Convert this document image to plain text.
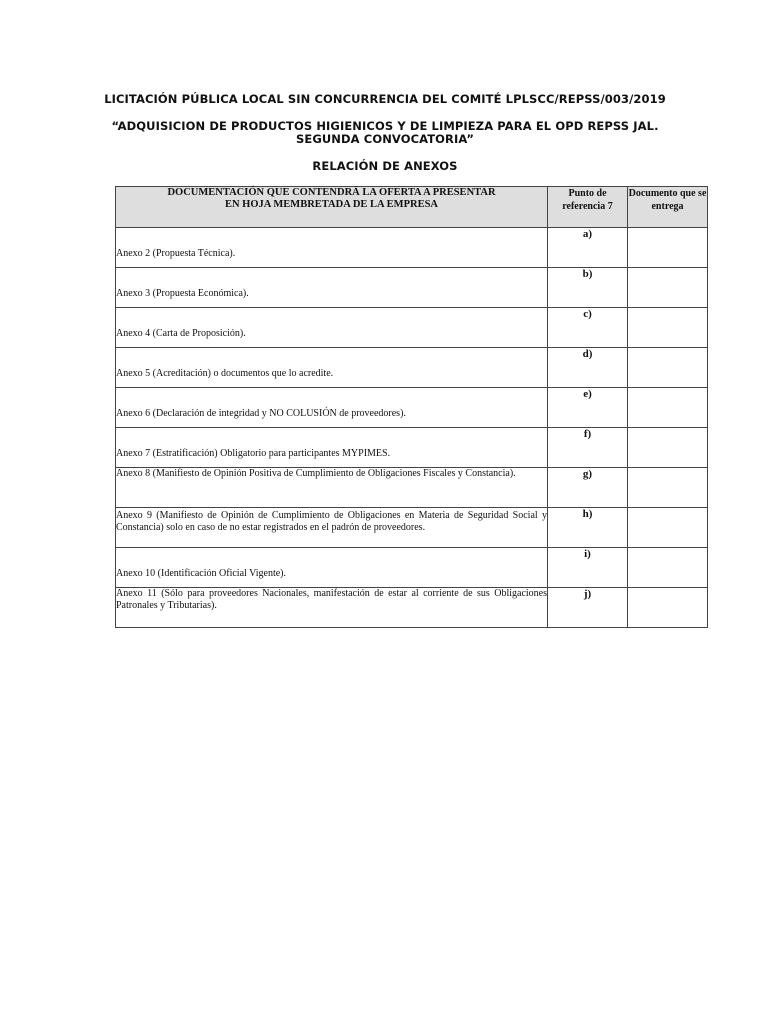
LICITACIÓN PÚBLICA LOCAL SIN CONCURRENCIA DEL COMITÉ LPLSCC/REPSS/003/2019
“ADQUISICION DE PRODUCTOS HIGIENICOS Y DE LIMPIEZA PARA EL OPD REPSS JAL.
SEGUNDA CONVOCATORIA”
RELACIÓN DE ANEXOS
DOCUMENTACIÓN QUE CONTENDRÁ LA OFERTA A PRESENTAR
EN HOJA MEMBRETADA DE LA EMPRESA	Punto de referencia 7	Documento que se entrega
Anexo 2 (Propuesta Técnica).	a)	
Anexo 3 (Propuesta Económica).	b)	
Anexo 4 (Carta de Proposición).	c)	
Anexo 5 (Acreditación) o documentos que lo acredite.	d)	
Anexo 6 (Declaración de integridad y NO COLUSIÓN de proveedores).	e)	
Anexo 7 (Estratificación) Obligatorio para participantes MYPIMES.	f)	
Anexo 8 (Manifiesto de Opinión Positiva de Cumplimiento de Obligaciones Fiscales y Constancia).	g)	
Anexo 9 (Manifiesto de Opinión de Cumplimiento de Obligaciones en Materia de Seguridad Social y Constancia) solo en caso de no estar registrados en el padrón de proveedores.	h)	
Anexo 10 (Identificación Oficial Vigente).	i)	
Anexo 11 (Sólo para proveedores Nacionales, manifestación de estar al corriente de sus Obligaciones Patronales y Tributarias).	j)	
